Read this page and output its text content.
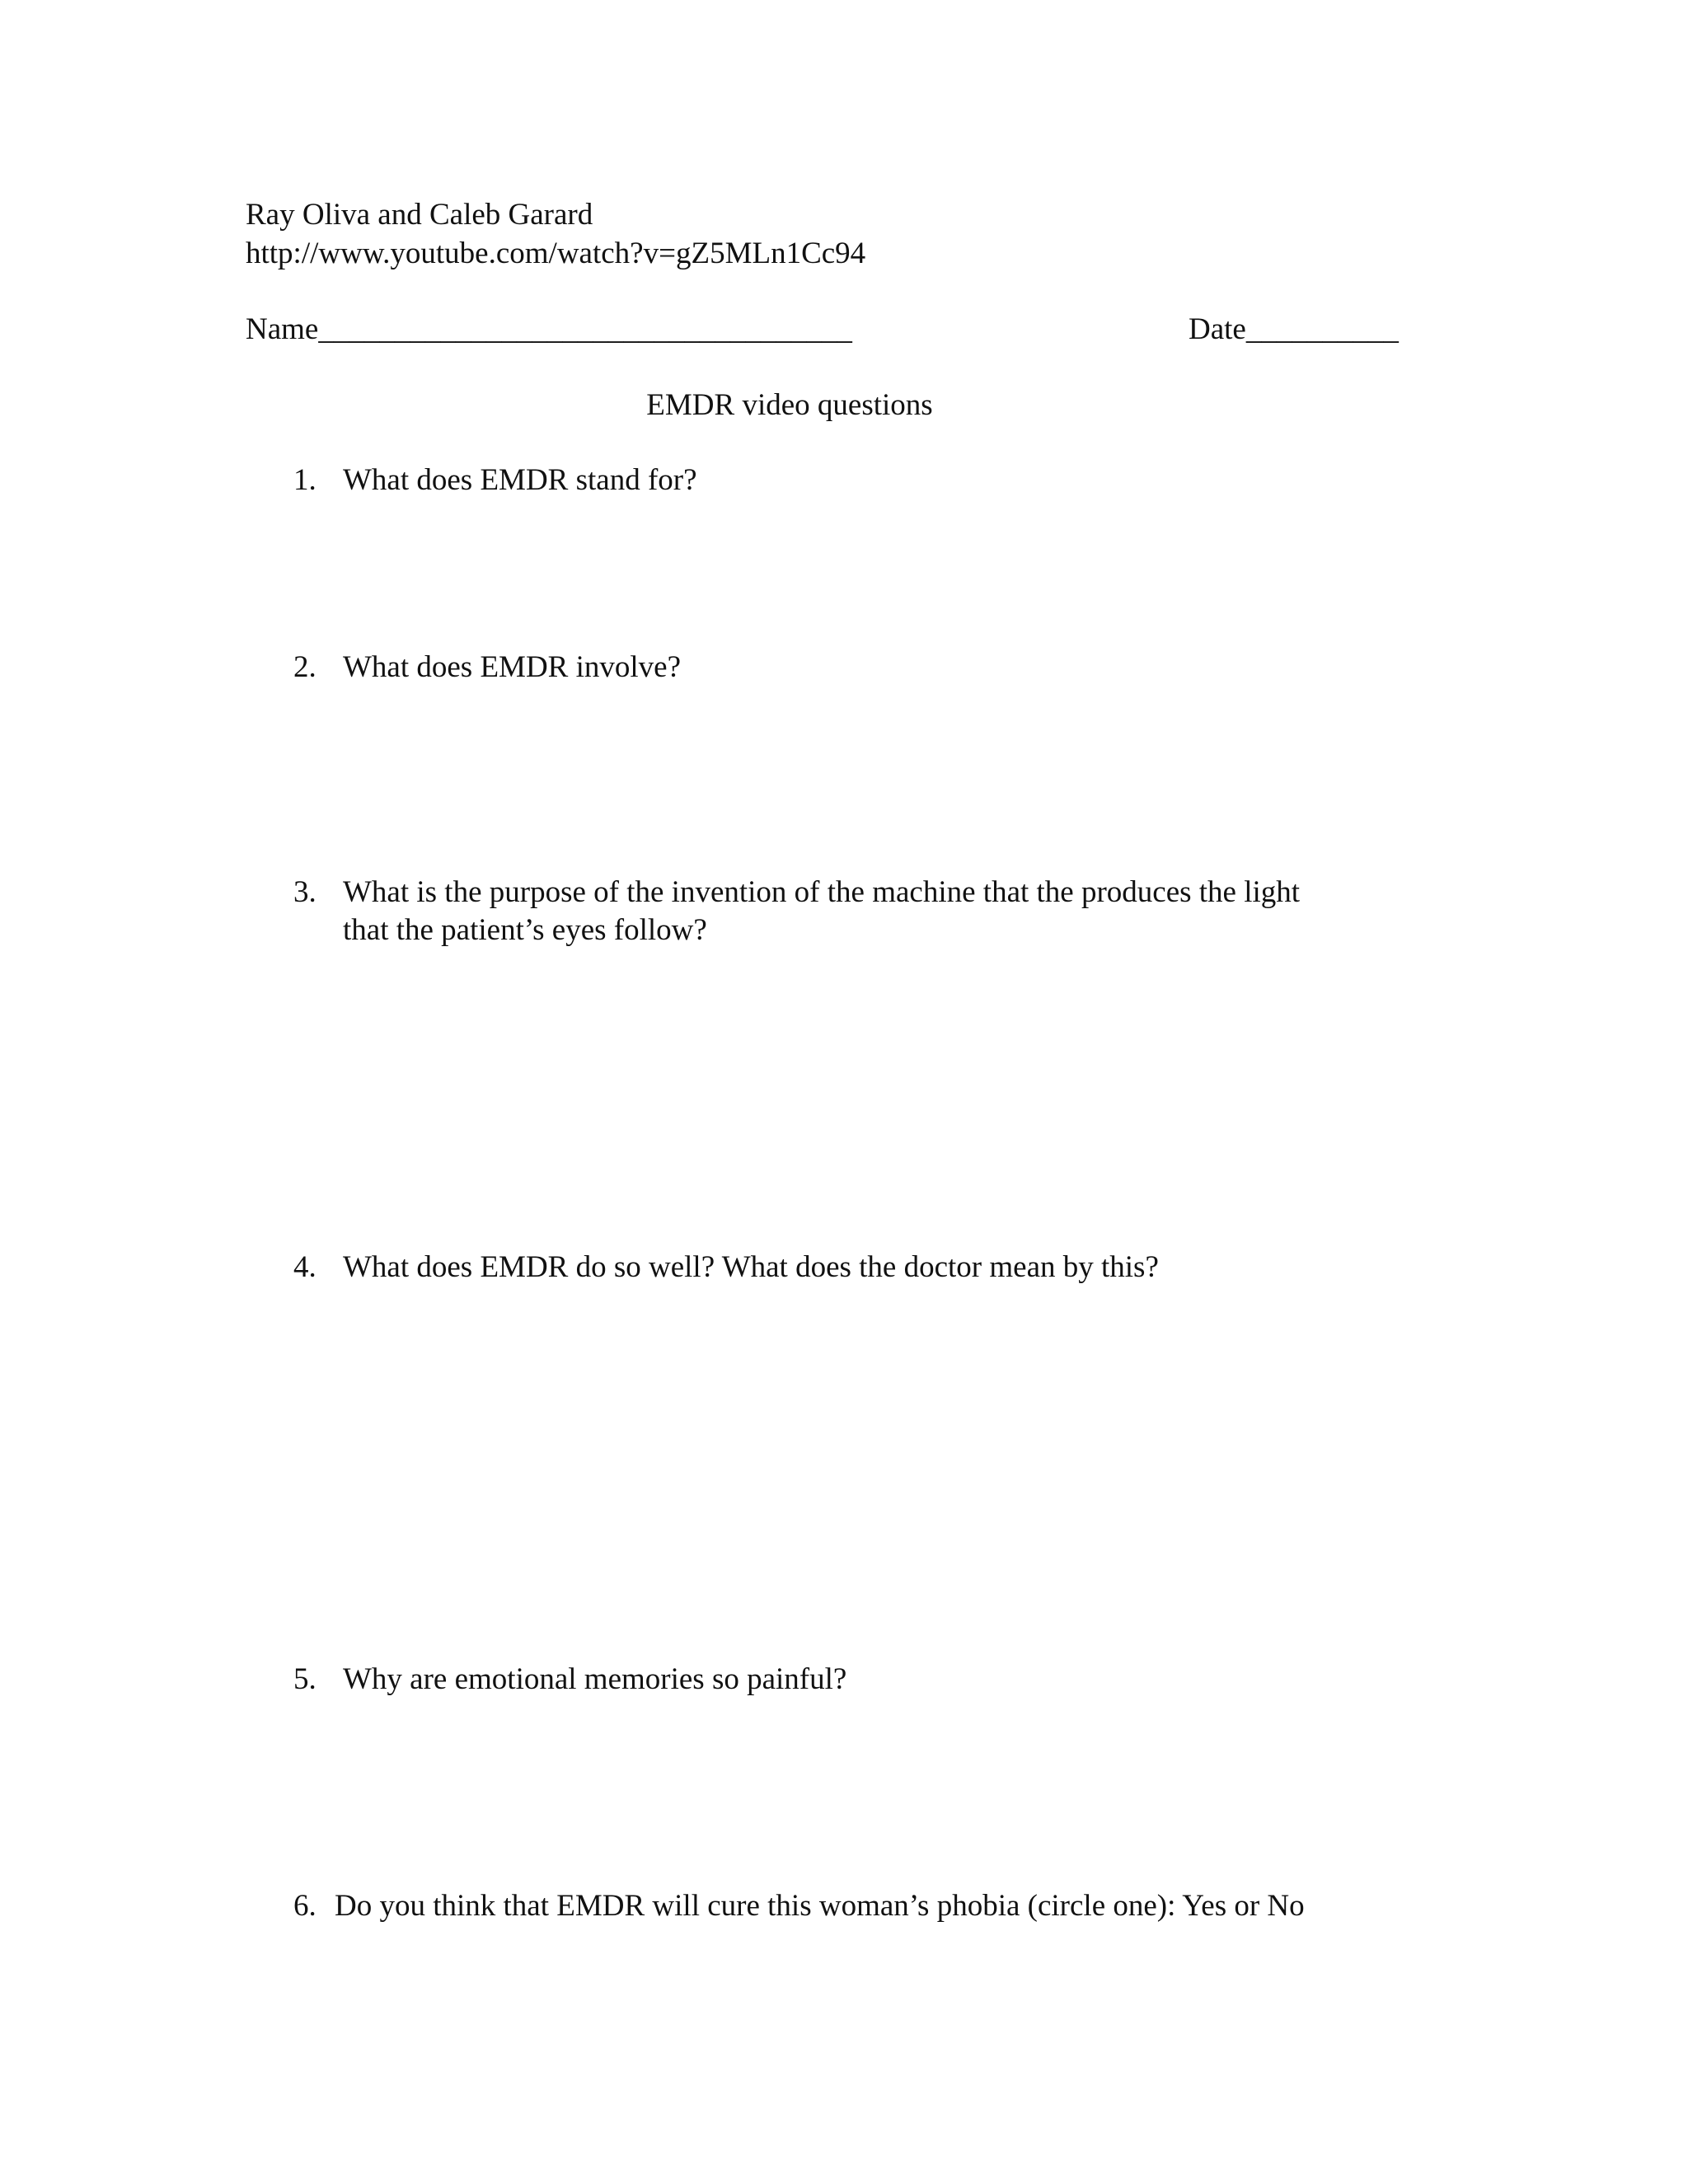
Ray Oliva and Caleb Garard
http://www.youtube.com/watch?v=gZ5MLn1Cc94
Name___________________________________	Date__________
EMDR video questions
1. What does EMDR stand for?
2. What does EMDR involve?
3. What is the purpose of the invention of the machine that the produces the light
that the patient’s eyes follow?
4. What does EMDR do so well? What does the doctor mean by this?
5. Why are emotional memories so painful?
6. Do you think that EMDR will cure this woman’s phobia (circle one): Yes or No
